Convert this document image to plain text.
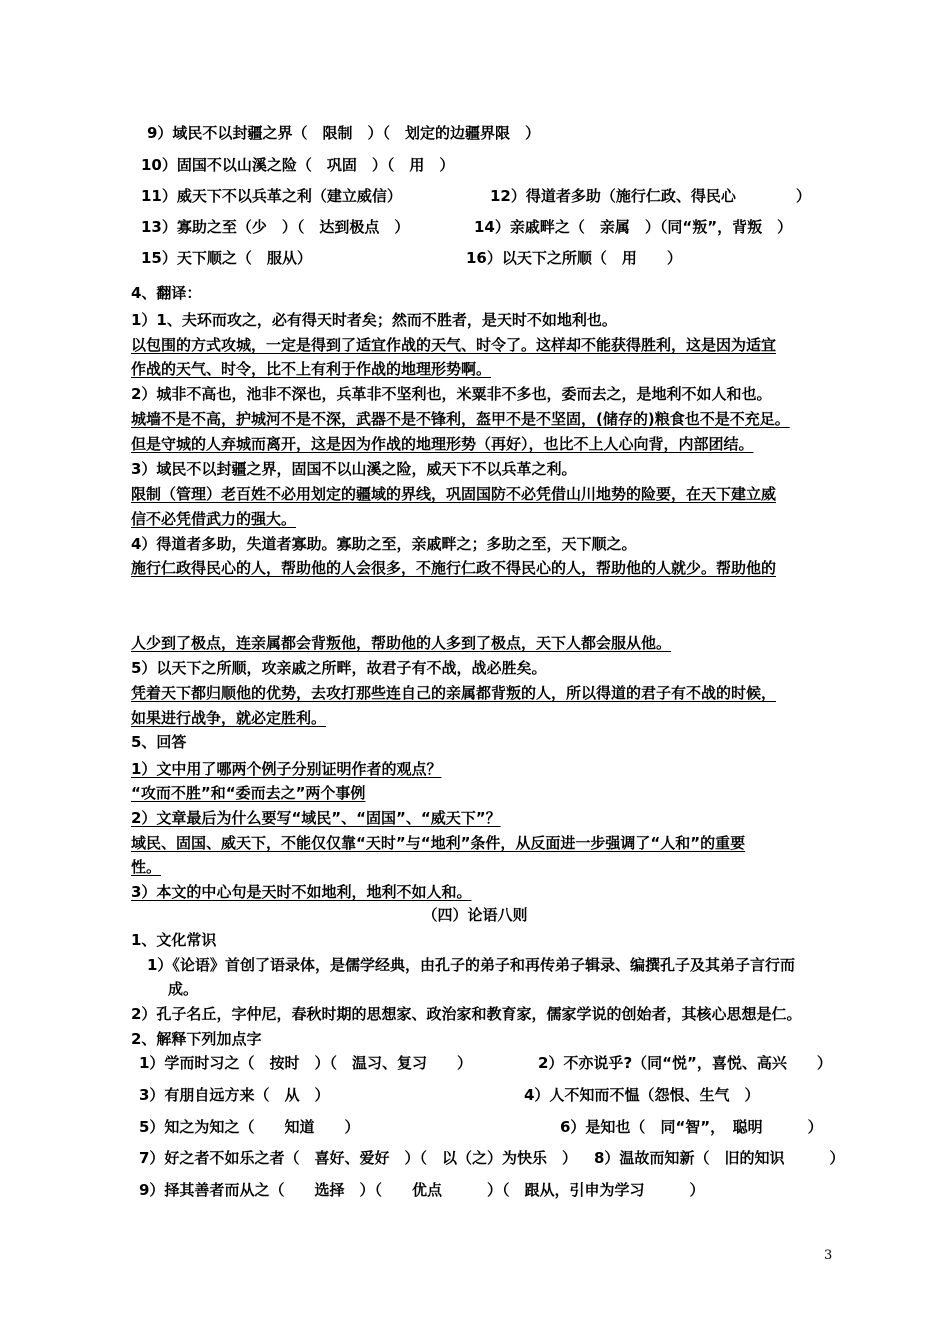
9）域民不以封疆之界（　限制　）（　划定的边疆界限　）
10）固国不以山溪之险（　巩固　）（　用　）
11）威天下不以兵革之利（建立威信）	12）得道者多助（施行仁政、得民心　　　　）
13）寡助之至（少　）（　达到极点　）	14）亲戚畔之（　亲属　）（同“叛”，背叛　）
15）天下顺之（　服从）	16）以天下之所顺（　用　　）
4、翻译：
1）1、夫环而攻之，必有得天时者矣；然而不胜者，是天时不如地利也。
以包围的方式攻城，一定是得到了适宜作战的天气、时令了。这样却不能获得胜利，这是因为适宜
作战的天气、时令，比不上有利于作战的地理形势啊。
2）城非不高也，池非不深也，兵革非不坚利也，米粟非不多也，委而去之，是地利不如人和也。
城墙不是不高，护城河不是不深，武器不是不锋利，盔甲不是不坚固，(储存的)粮食也不是不充足。
但是守城的人弃城而离开，这是因为作战的地理形势（再好），也比不上人心向背，内部团结。
3）域民不以封疆之界，固国不以山溪之险，威天下不以兵革之利。
限制（管理）老百姓不必用划定的疆域的界线，巩固国防不必凭借山川地势的险要，在天下建立威
信不必凭借武力的强大。
4）得道者多助，失道者寡助。寡助之至，亲戚畔之；多助之至，天下顺之。
施行仁政得民心的人，帮助他的人会很多，不施行仁政不得民心的人，帮助他的人就少。帮助他的
人少到了极点，连亲属都会背叛他，帮助他的人多到了极点，天下人都会服从他。
5）以天下之所顺，攻亲戚之所畔，故君子有不战，战必胜矣。
凭着天下都归顺他的优势，去攻打那些连自己的亲属都背叛的人，所以得道的君子有不战的时候，
如果进行战争，就必定胜利。
5、回答
1）文中用了哪两个例子分别证明作者的观点？
“攻而不胜”和“委而去之”两个事例
2）文章最后为什么要写“域民”、“固国”、“威天下”？
域民、固国、威天下，不能仅仅靠“天时”与“地利”条件，从反面进一步强调了“人和”的重要
性。
3）本文的中心句是天时不如地利，地利不如人和。
（四）论语八则
1、文化常识
1）《论语》首创了语录体，是儒学经典，由孔子的弟子和再传弟子辑录、编撰孔子及其弟子言行而
成。
2）孔子名丘，字仲尼，春秋时期的思想家、政治家和教育家，儒家学说的创始者，其核心思想是仁。
2、解释下列加点字
1）学而时习之（　按时　）（　温习、复习　　）	2）不亦说乎?（同“悦”，喜悦、高兴　　）
3）有朋自远方来（　从　）	4）人不知而不愠（怨恨、生气　）
5）知之为知之（　　知道　　）	6）是知也（　同“智”，　聪明　　　）
7）好之者不如乐之者（　喜好、爱好　）（　以（之）为快乐　） 8）温故而知新（　旧的知识　　　）
9）择其善者而从之（　　选择　）（　　优点　　　）（　跟从，引申为学习　　　）
3
